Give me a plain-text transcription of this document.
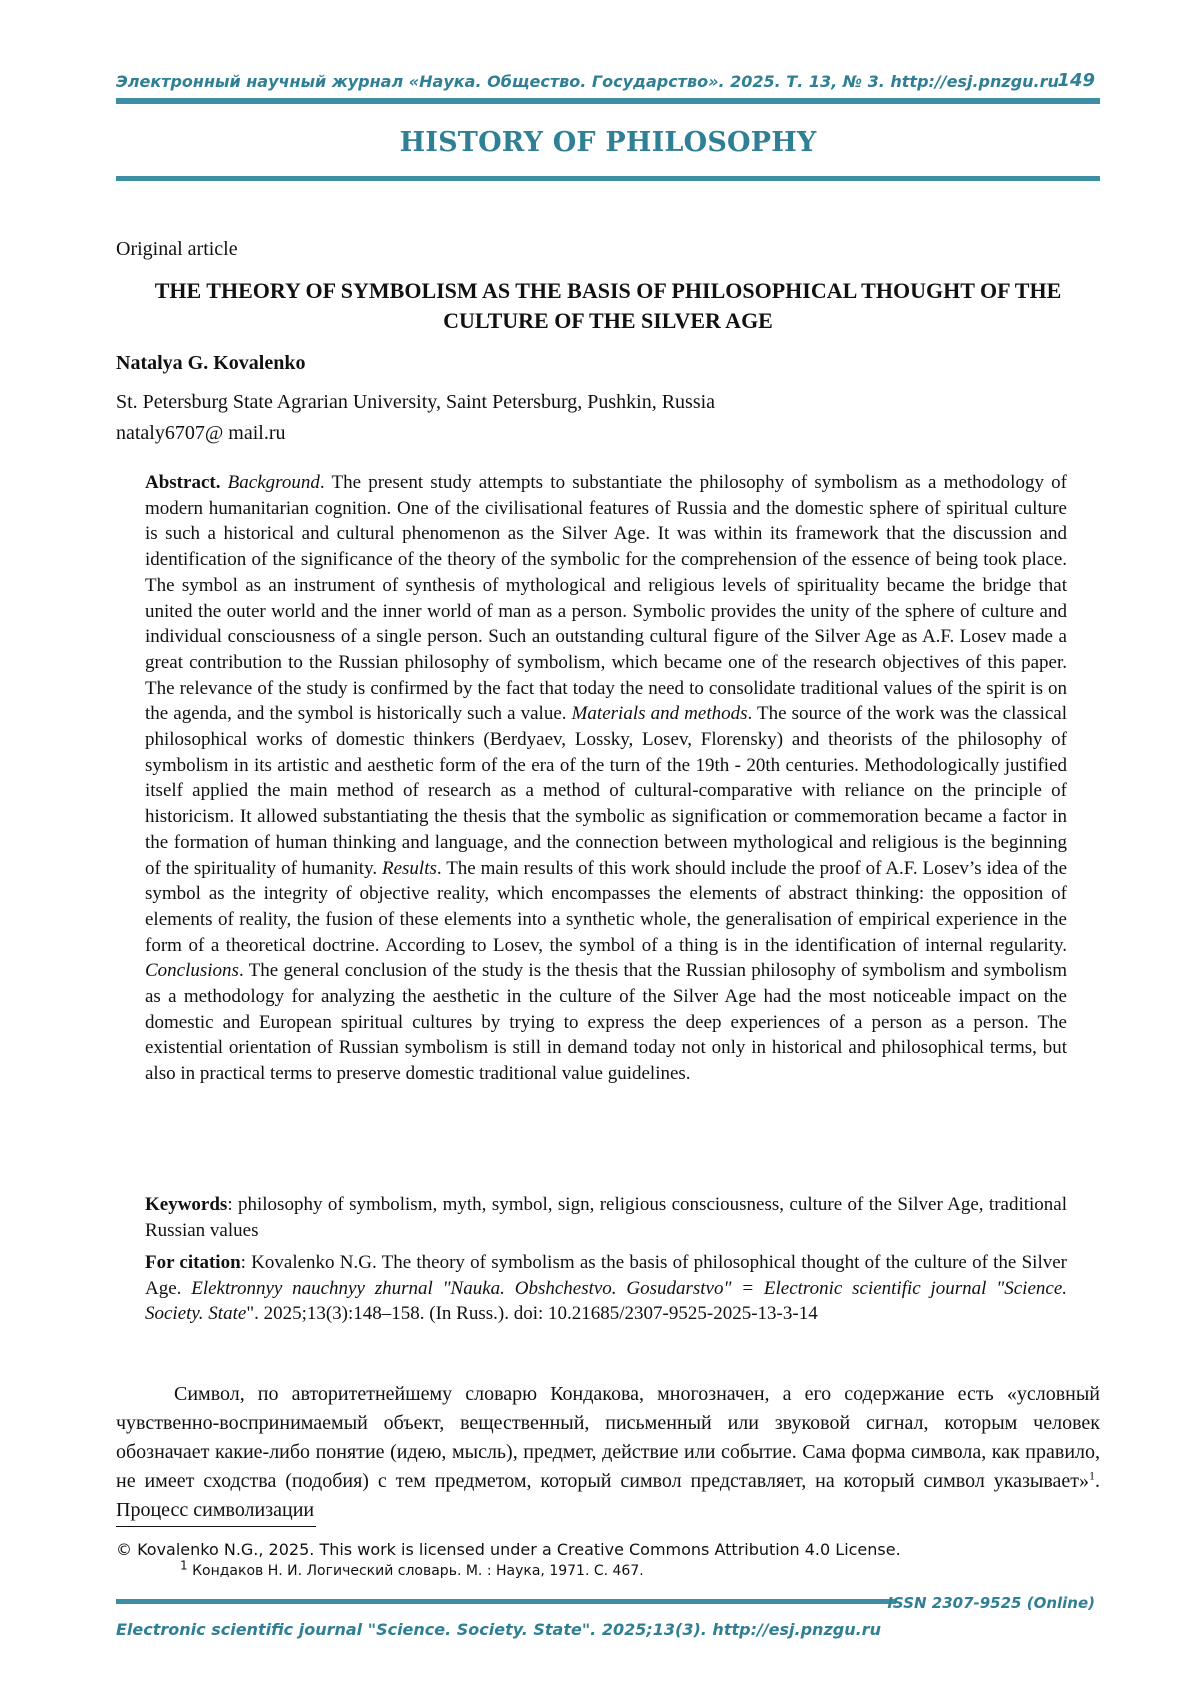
Электронный научный журнал «Наука. Общество. Государство». 2025. Т. 13, № 3. http://esj.pnzgu.ru
149
HISTORY OF PHILOSOPHY
Original article
THE THEORY OF SYMBOLISM AS THE BASIS OF PHILOSOPHICAL THOUGHT OF THE CULTURE OF THE SILVER AGE
Natalya G. Kovalenko
St. Petersburg State Agrarian University, Saint Petersburg, Pushkin, Russia
nataly6707@ mail.ru
Abstract. Background. The present study attempts to substantiate the philosophy of symbolism as a methodology of modern humanitarian cognition. One of the civilisational features of Russia and the domestic sphere of spiritual culture is such a historical and cultural phenomenon as the Silver Age. It was within its framework that the discussion and identification of the significance of the theory of the symbolic for the comprehension of the essence of being took place. The symbol as an instrument of synthesis of mythological and religious levels of spirituality became the bridge that united the outer world and the inner world of man as a person. Symbolic provides the unity of the sphere of culture and individual consciousness of a single person. Such an outstanding cultural figure of the Silver Age as A.F. Losev made a great contribution to the Russian philosophy of symbolism, which became one of the research objectives of this paper. The relevance of the study is confirmed by the fact that today the need to consolidate traditional values of the spirit is on the agenda, and the symbol is historically such a value. Materials and methods. The source of the work was the classical philosophical works of domestic thinkers (Berdyaev, Lossky, Losev, Florensky) and theorists of the philosophy of symbolism in its artistic and aesthetic form of the era of the turn of the 19th - 20th centuries. Methodologically justified itself applied the main method of research as a method of cultural-comparative with reliance on the principle of historicism. It allowed substantiating the thesis that the symbolic as signification or commemoration became a factor in the formation of human thinking and language, and the connection between mythological and religious is the beginning of the spirituality of humanity. Results. The main results of this work should include the proof of A.F. Losev’s idea of the symbol as the integrity of objective reality, which encompasses the elements of abstract thinking: the opposition of elements of reality, the fusion of these elements into a synthetic whole, the generalisation of empirical experience in the form of a theoretical doctrine. According to Losev, the symbol of a thing is in the identification of internal regularity. Conclusions. The general conclusion of the study is the thesis that the Russian philosophy of symbolism and symbolism as a methodology for analyzing the aesthetic in the culture of the Silver Age had the most noticeable impact on the domestic and European spiritual cultures by trying to express the deep experiences of a person as a person. The existential orientation of Russian symbolism is still in demand today not only in historical and philosophical terms, but also in practical terms to preserve domestic traditional value guidelines.
Keywords: philosophy of symbolism, myth, symbol, sign, religious consciousness, culture of the Silver Age, traditional Russian values
For citation: Kovalenko N.G. The theory of symbolism as the basis of philosophical thought of the culture of the Silver Age. Elektronnyy nauchnyy zhurnal "Nauka. Obshchestvo. Gosudarstvo" = Electronic scientific journal "Science. Society. State". 2025;13(3):148–158. (In Russ.). doi: 10.21685/2307-9525-2025-13-3-14
Символ, по авторитетнейшему словарю Кондакова, многозначен, а его содержание есть «условный чувственно-воспринимаемый объект, вещественный, письменный или звуковой сигнал, которым человек обозначает какие-либо понятие (идею, мысль), предмет, действие или событие. Сама форма символа, как правило, не имеет сходства (подобия) с тем предметом, который символ представляет, на который символ указывает»$^1$. Процесс символизации
© Kovalenko N.G., 2025. This work is licensed under a Creative Commons Attribution 4.0 License.
$^1$ Кондаков Н. И. Логический словарь. М. : Наука, 1971. С. 467.
ISSN 2307-9525 (Online)
Electronic scientific journal "Science. Society. State". 2025;13(3). http://esj.pnzgu.ru
